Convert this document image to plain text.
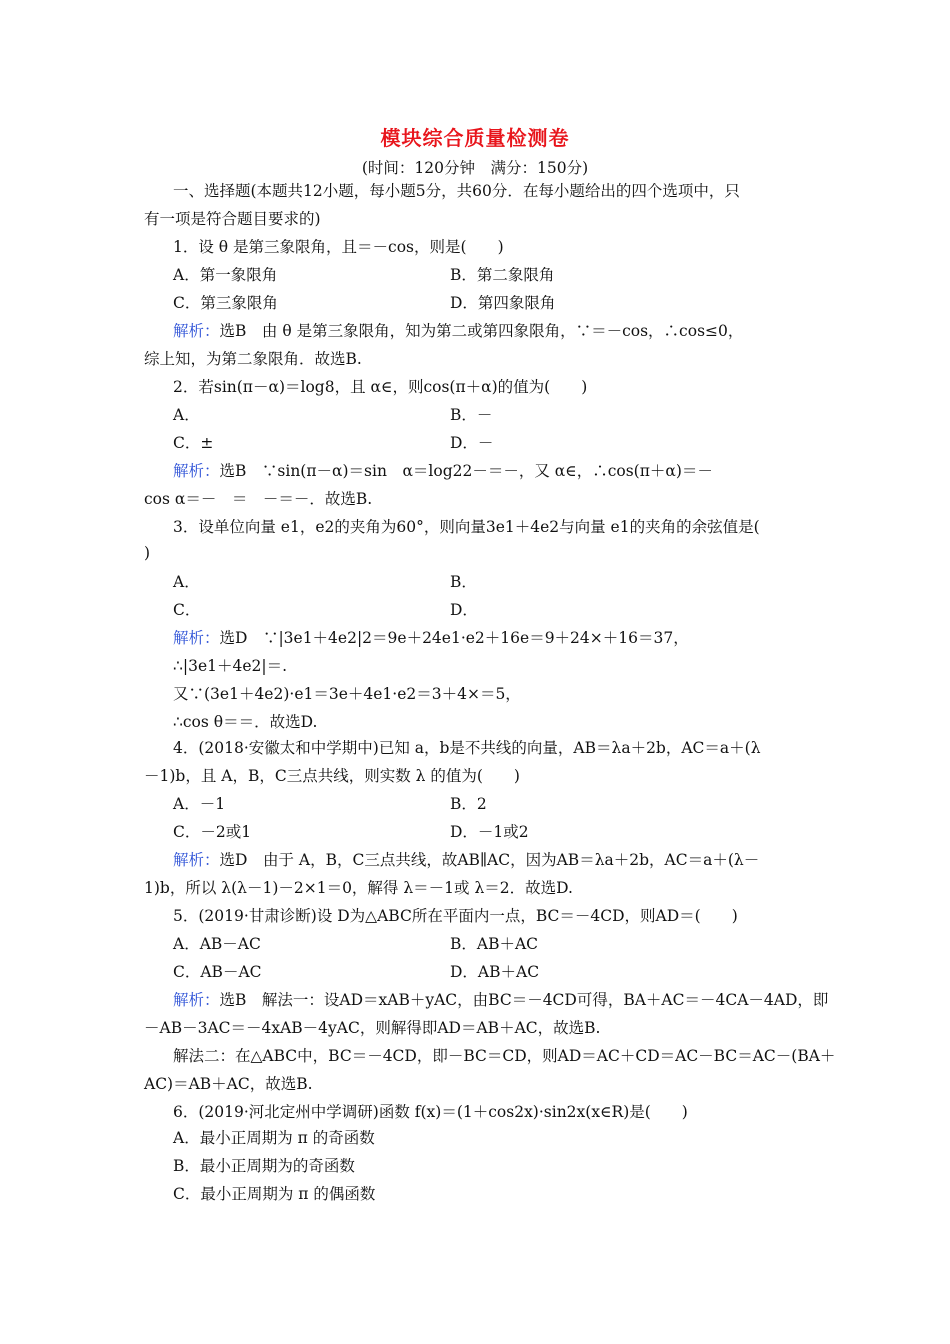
模块综合质量检测卷
(时间：120分钟　满分：150分)
一、选择题(本题共12小题，每小题5分，共60分．在每小题给出的四个选项中，只
有一项是符合题目要求的)
1．设 θ 是第三象限角，且＝－cos，则是(　　)
A．第一象限角	B．第二象限角
C．第三象限角	D．第四象限角
解析：选B　由 θ 是第三象限角，知为第二或第四象限角，∵＝－cos，∴cos≤0，
综上知，为第二象限角．故选B.
2．若sin(π－α)＝log8，且 α∈，则cos(π＋α)的值为(　　)
A．	B．－
C．±	D．－
解析：选B　∵sin(π－α)＝sin　α＝log22－＝－，又 α∈，∴cos(π＋α)＝－
cos α＝－　＝　－＝－．故选B.
3．设单位向量 e1，e2的夹角为60°，则向量3e1＋4e2与向量 e1的夹角的余弦值是(
)
A．	B．
C．	D．
解析：选D　∵|3e1＋4e2|2＝9e＋24e1·e2＋16e＝9＋24×＋16＝37，
∴|3e1＋4e2|＝.
又∵(3e1＋4e2)·e1＝3e＋4e1·e2＝3＋4×＝5，
∴cos θ＝＝．故选D.
4．(2018·安徽太和中学期中)已知 a，b是不共线的向量，AB＝λa＋2b，AC＝a＋(λ
－1)b，且 A，B，C三点共线，则实数 λ 的值为(　　)
A．－1	B．2
C．－2或1	D．－1或2
解析：选D　由于 A，B，C三点共线，故AB∥AC，因为AB＝λa＋2b，AC＝a＋(λ－
1)b，所以 λ(λ－1)－2×1＝0，解得 λ＝－1或 λ＝2．故选D.
5．(2019·甘肃诊断)设 D为△ABC所在平面内一点，BC＝－4CD，则AD＝(　　)
A．AB－AC	B．AB＋AC
C．AB－AC	D．AB＋AC
解析：选B　解法一：设AD＝xAB＋yAC，由BC＝－4CD可得，BA＋AC＝－4CA－4AD，即
－AB－3AC＝－4xAB－4yAC，则解得即AD＝AB＋AC，故选B.
解法二：在△ABC中，BC＝－4CD，即－BC＝CD，则AD＝AC＋CD＝AC－BC＝AC－(BA＋
AC)＝AB＋AC，故选B.
6．(2019·河北定州中学调研)函数 f(x)＝(1＋cos2x)·sin2x(x∈R)是(　　)
A．最小正周期为 π 的奇函数
B．最小正周期为的奇函数
C．最小正周期为 π 的偶函数
